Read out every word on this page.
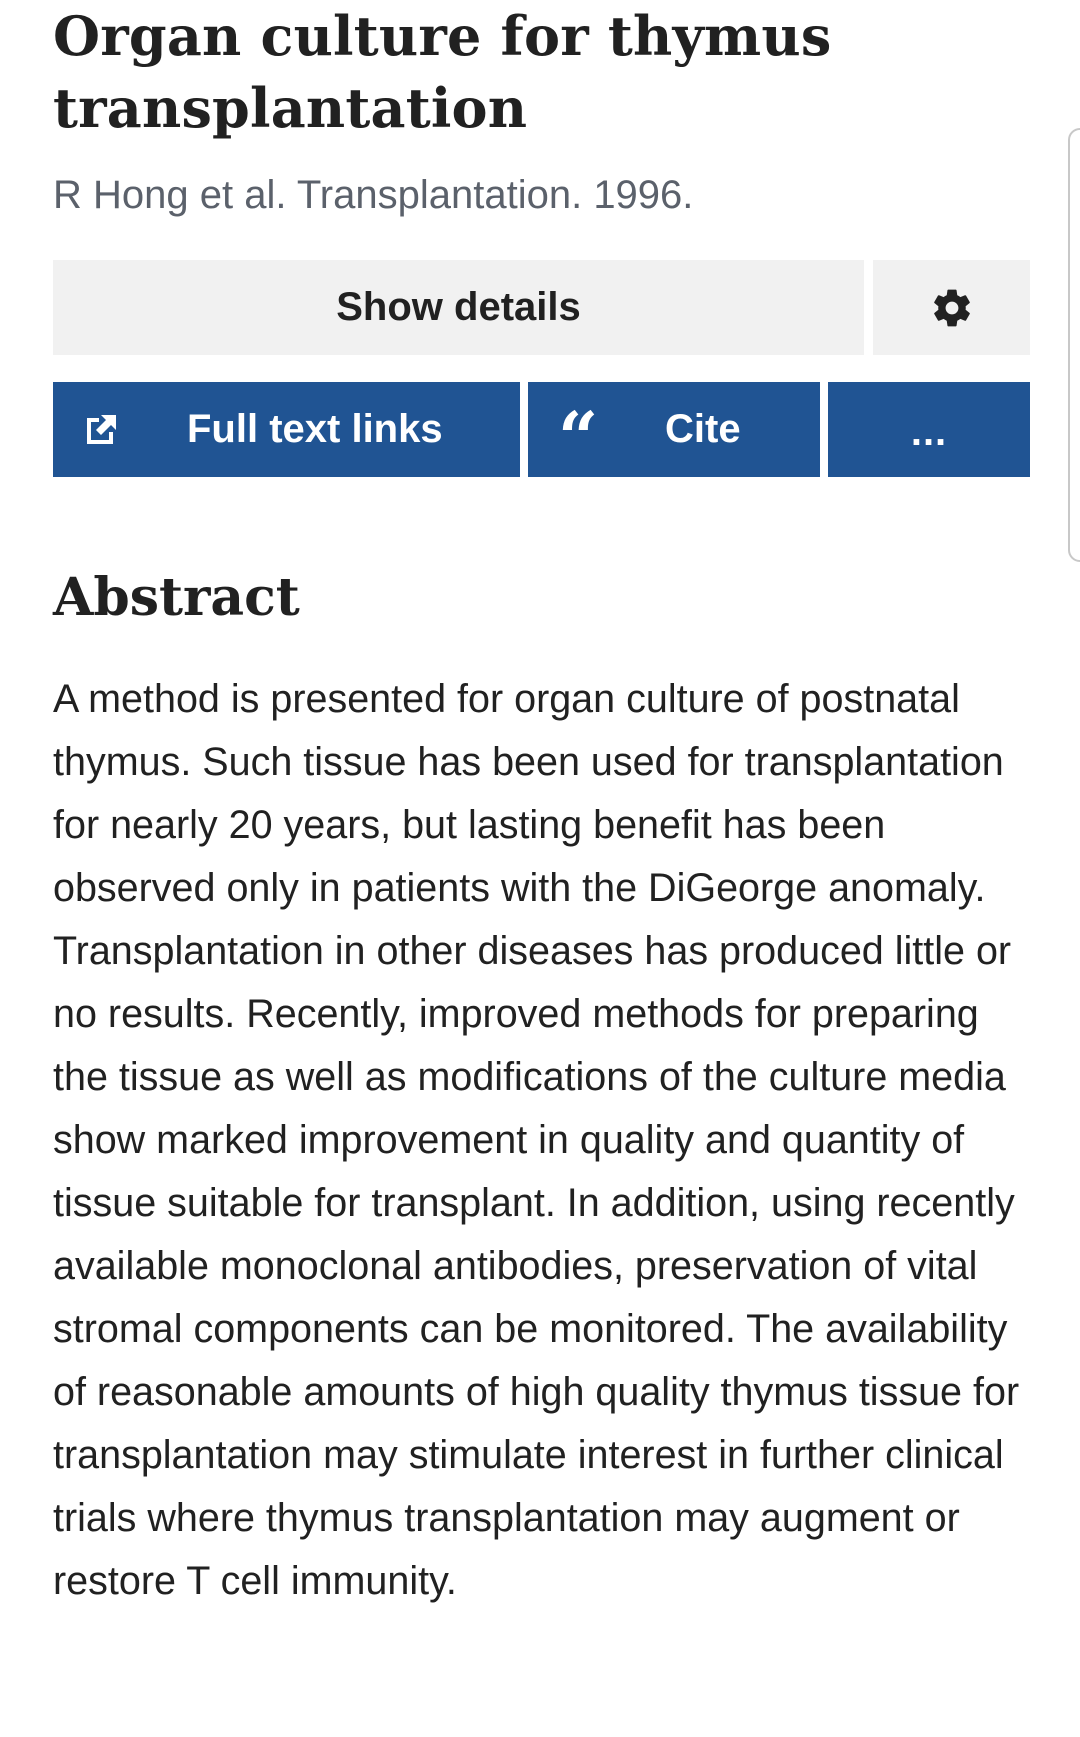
Organ culture for thymus transplantation
R Hong et al. Transplantation. 1996.
Show details
Full text links “ Cite	...
Abstract

A method is presented for organ culture of postnatal thymus. Such tissue has been used for transplantation for nearly 20 years, but lasting benefit has been observed only in patients with the DiGeorge anomaly. Transplantation in other diseases has produced little or no results. Recently, improved methods for preparing the tissue as well as modifications of the culture media show marked improvement in quality and quantity of tissue suitable for transplant. In addition, using recently available monoclonal antibodies, preservation of vital stromal components can be monitored. The availability of reasonable amounts of high quality thymus tissue for transplantation may stimulate interest in further clinical trials where thymus transplantation may augment or restore T cell immunity.
